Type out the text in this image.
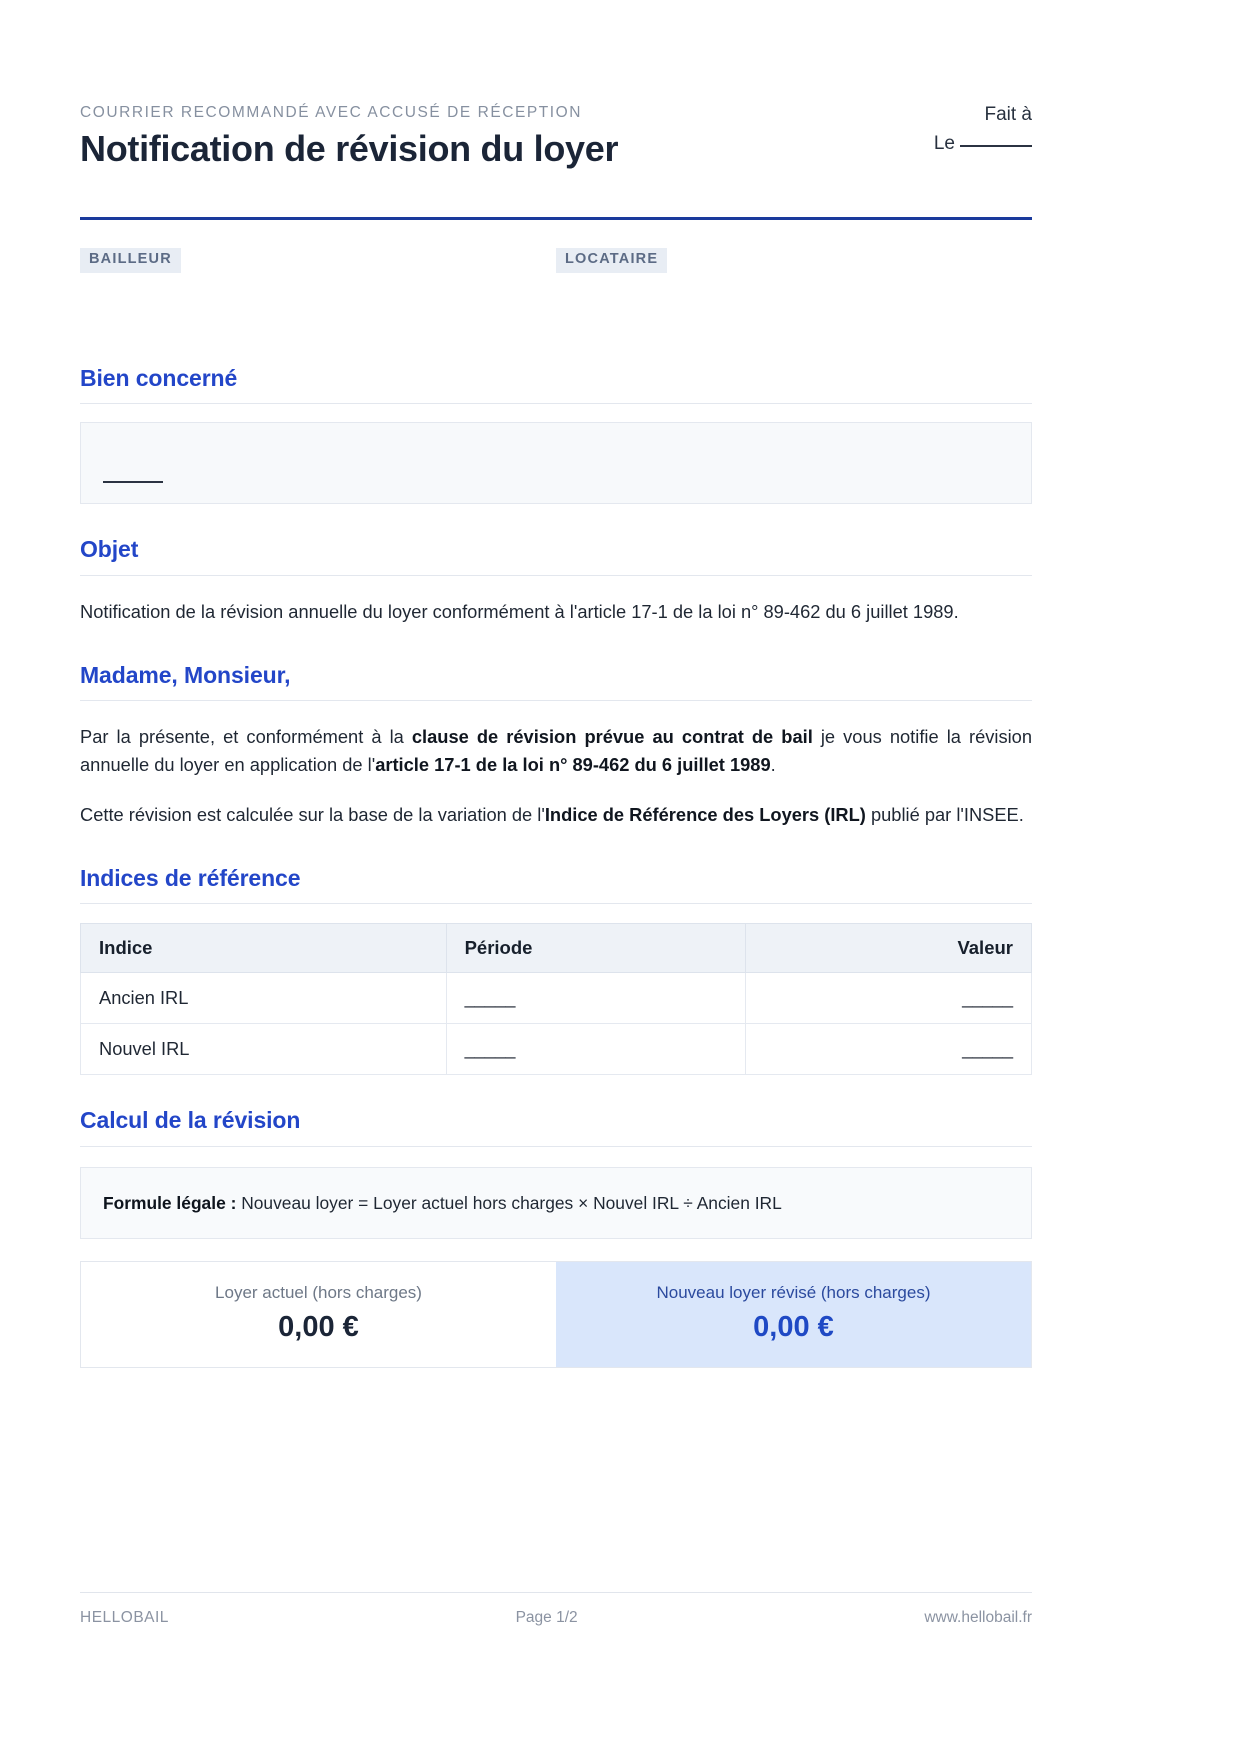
COURRIER RECOMMANDÉ AVEC ACCUSÉ DE RÉCEPTION
Notification de révision du loyer
Fait à
Le
BAILLEUR	LOCATAIRE
Bien concerné
Objet

Notification de la révision annuelle du loyer conformément à l'article 17-1 de la loi n° 89-462 du 6 juillet 1989.

Madame, Monsieur,

Par la présente, et conformément à la clause de révision prévue au contrat de bail je vous notifie la révision annuelle du loyer en application de l'article 17-1 de la loi n° 89-462 du 6 juillet 1989.

Cette révision est calculée sur la base de la variation de l'Indice de Référence des Loyers (IRL) publié par l'INSEE.

Indices de référence
Indice	Période	Valeur
Ancien IRL	_____	_____
Nouvel IRL	_____	_____
Calcul de la révision
Formule légale : Nouveau loyer = Loyer actuel hors charges × Nouvel IRL ÷ Ancien IRL
Loyer actuel (hors charges)
0,00 €
Nouveau loyer révisé (hors charges)
0,00 €
HELLOBAIL	Page 1/2	www.hellobail.fr
